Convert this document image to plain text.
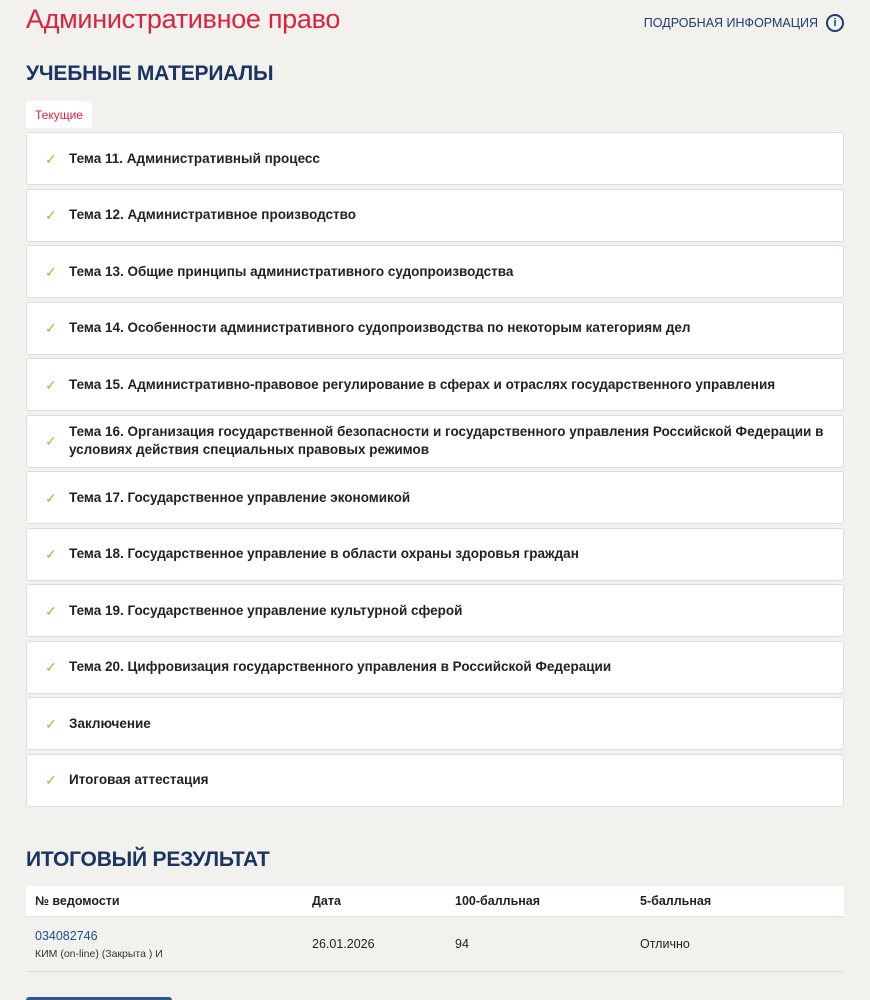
Административное право	ПОДРОБНАЯ ИНФОРМАЦИЯ	i
УЧЕБНЫЕ МАТЕРИАЛЫ
Текущие
✓ Тема 11. Административный процесс
✓ Тема 12. Административное производство
✓ Тема 13. Общие принципы административного судопроизводства
✓ Тема 14. Особенности административного судопроизводства по некоторым категориям дел
✓ Тема 15. Административно-правовое регулирование в сферах и отраслях государственного управления
✓
Тема 16. Организация государственной безопасности и государственного управления Российской Федерации в условиях действия специальных правовых режимов
✓ Тема 17. Государственное управление экономикой
✓ Тема 18. Государственное управление в области охраны здоровья граждан
✓ Тема 19. Государственное управление культурной сферой
✓ Тема 20. Цифровизация государственного управления в Российской Федерации
✓ Заключение
✓ Итоговая аттестация
ИТОГОВЫЙ РЕЗУЛЬТАТ
№ ведомости	Дата	100-балльная	5-балльная
034082746
КИМ (on-line) (Закрыта ) И
26.01.2026	94	Отлично
